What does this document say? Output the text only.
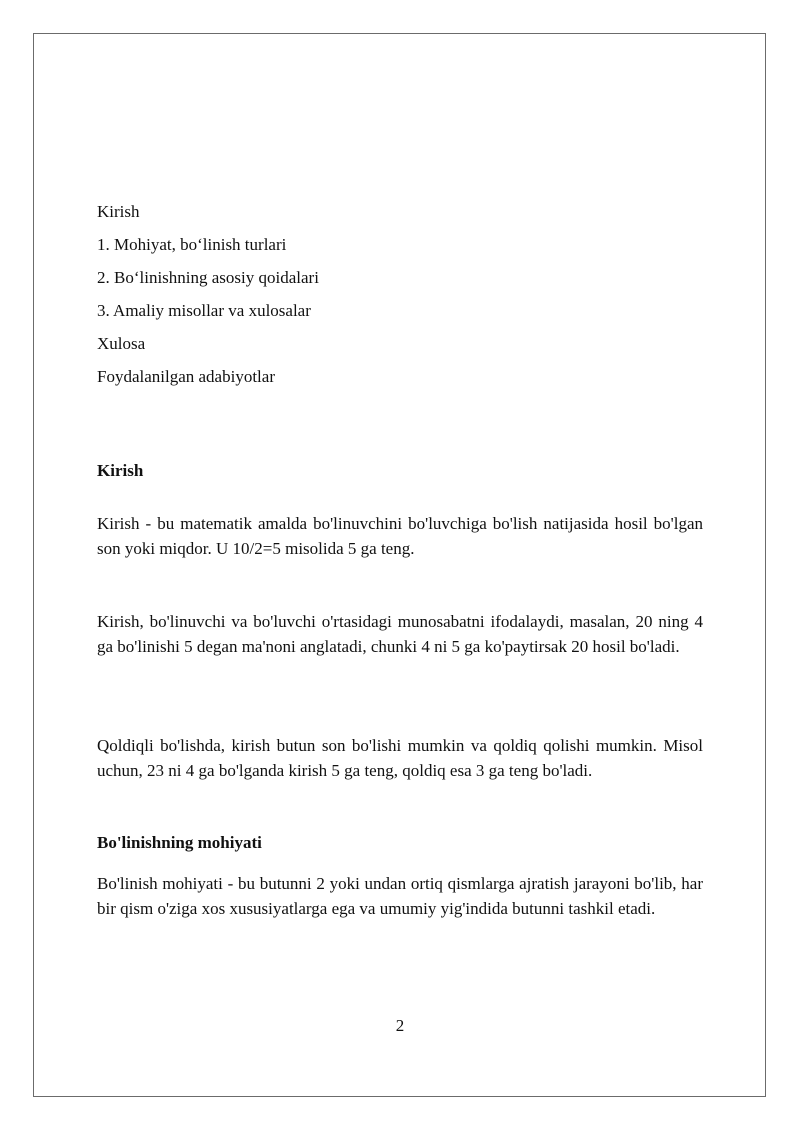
Kirish
1. Mohiyat, bo‘linish turlari
2. Bo‘linishning asosiy qoidalari
3. Amaliy misollar va xulosalar
Xulosa
Foydalanilgan adabiyotlar
Kirish
Kirish - bu matematik amalda bo'linuvchini bo'luvchiga bo'lish natijasida hosil bo'lgan son yoki miqdor. U 10/2=5 misolida 5 ga teng.
Kirish, bo'linuvchi va bo'luvchi o'rtasidagi munosabatni ifodalaydi, masalan, 20 ning 4 ga bo'linishi 5 degan ma'noni anglatadi, chunki 4 ni 5 ga ko'paytirsak 20 hosil bo'ladi.
Qoldiqli bo'lishda, kirish butun son bo'lishi mumkin va qoldiq qolishi mumkin. Misol uchun, 23 ni 4 ga bo'lganda kirish 5 ga teng, qoldiq esa 3 ga teng bo'ladi.
Bo'linishning mohiyati
Bo'linish mohiyati - bu butunni 2 yoki undan ortiq qismlarga ajratish jarayoni bo'lib, har bir qism o'ziga xos xususiyatlarga ega va umumiy yig'indida butunni tashkil etadi.
2
